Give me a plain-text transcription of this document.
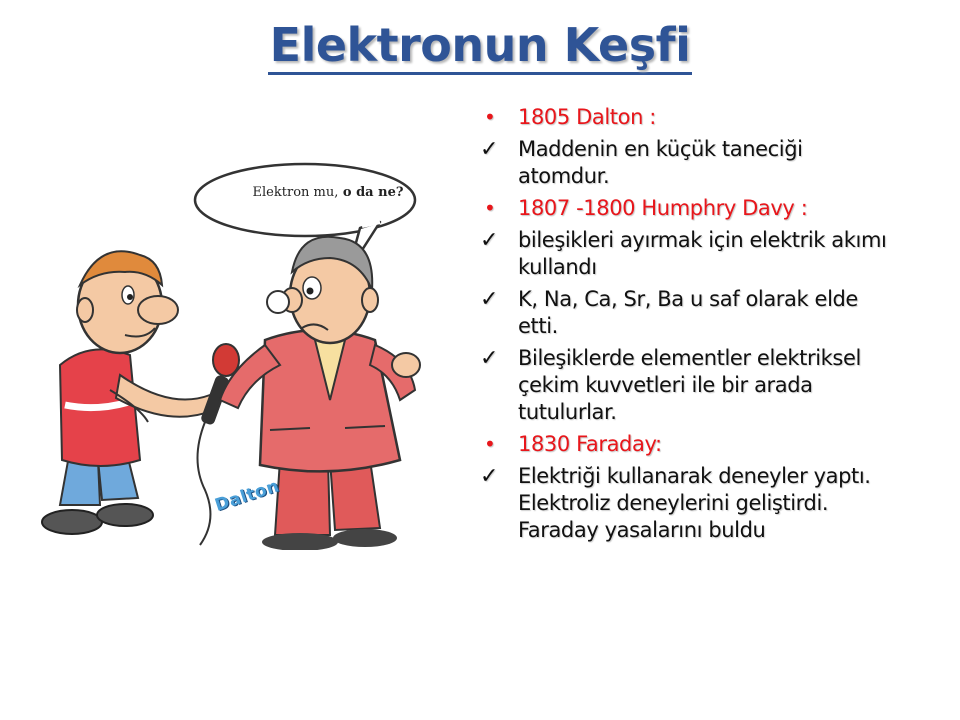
Elektronun Keşfi
Elektron mu, o da ne?
Dalton
•	1805 Dalton :
✓ Maddenin en küçük taneciği atomdur.
•	1807 -1800 Humphry Davy :
✓ bileşikleri ayırmak için elektrik akımı kullandı
✓ K, Na, Ca, Sr, Ba u saf olarak elde etti.
✓ Bileşiklerde elementler elektriksel çekim kuvvetleri ile bir arada tutulurlar.
•	1830 Faraday:
✓ Elektriği kullanarak deneyler yaptı. Elektroliz deneylerini geliştirdi. Faraday yasalarını buldu
